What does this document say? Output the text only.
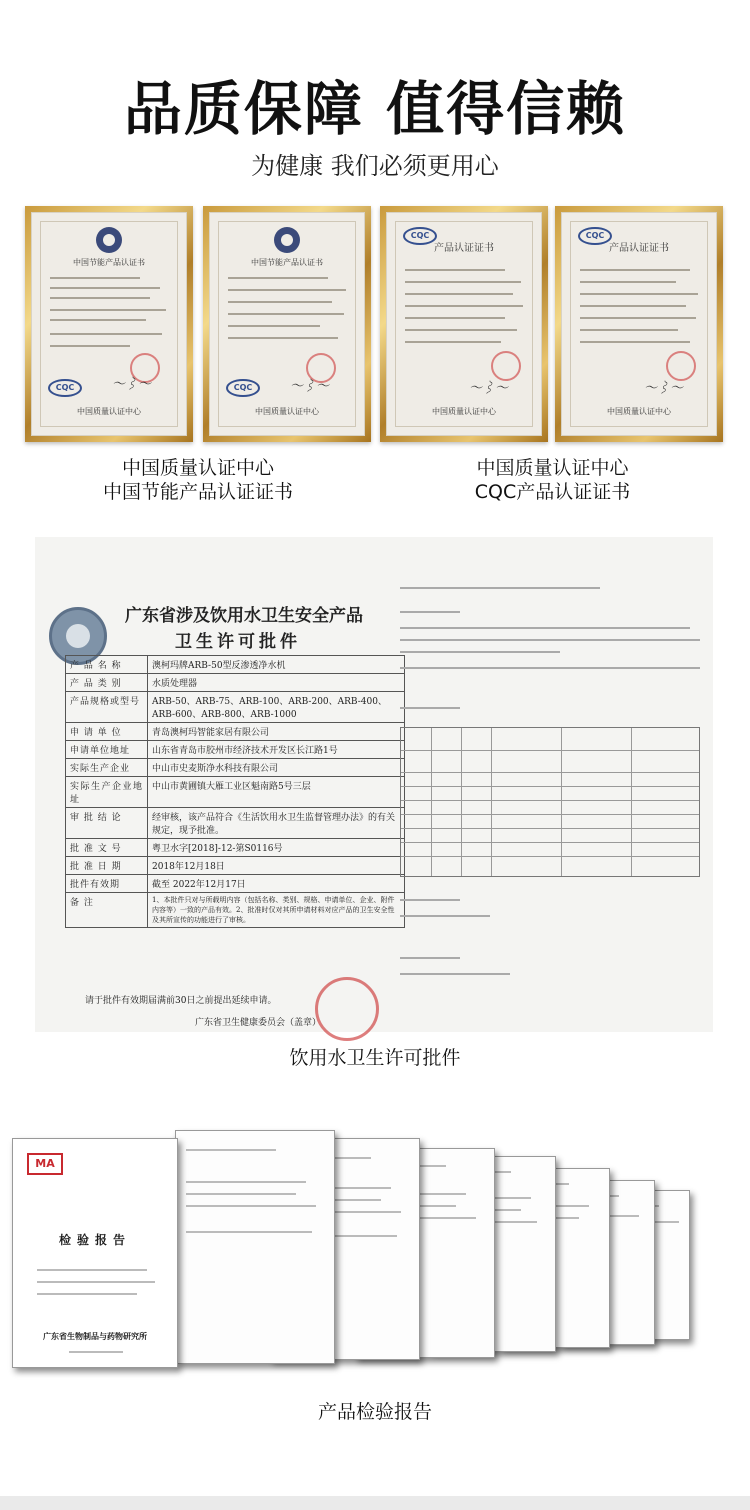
品质保障 值得信赖
为健康 我们必须更用心
中国节能产品认证书
〜⌇〜
CQC
中国质量认证中心
中国节能产品认证书
〜⌇〜
CQC
中国质量认证中心
CQC
产品认证证书
〜⌇〜
中国质量认证中心
CQC
产品认证证书
〜⌇〜
中国质量认证中心
中国质量认证中心
中国节能产品认证证书
中国质量认证中心
CQC产品认证证书
广东省涉及饮用水卫生安全产品
卫生许可批件
产 品 名 称	澳柯玛牌ARB-50型反渗透净水机
产 品 类 别	水质处理器
产品规格或型号	ARB-50、ARB-75、ARB-100、ARB-200、ARB-400、ARB-600、ARB-800、ARB-1000
申 请 单 位	青岛澳柯玛智能家居有限公司
申请单位地址	山东省青岛市胶州市经济技术开发区长江路1号
实际生产企业	中山市史麦斯净水科技有限公司
实际生产企业地址	中山市黄圃镇大雁工业区魁南路5号三层
审 批 结 论	经审核，该产品符合《生活饮用水卫生监督管理办法》的有关规定，现予批准。
批 准 文 号	粤卫水字[2018]-12-第S0116号
批 准 日 期	2018年12月18日
批件有效期	截至 2022年12月17日
备 注	1、本批件只对与所载明内容（包括名称、类别、规格、申请单位、企业、附件内容等）一致的产品有效。2、批准时仅对其所申请材料对应产品的卫生安全性及其所宣传的功能进行了审核。
请于批件有效期届满前30日之前提出延续申请。
广东省卫生健康委员会（盖章）
饮用水卫生许可批件
MA
检验报告
广东省生物制品与药物研究所
产品检验报告
